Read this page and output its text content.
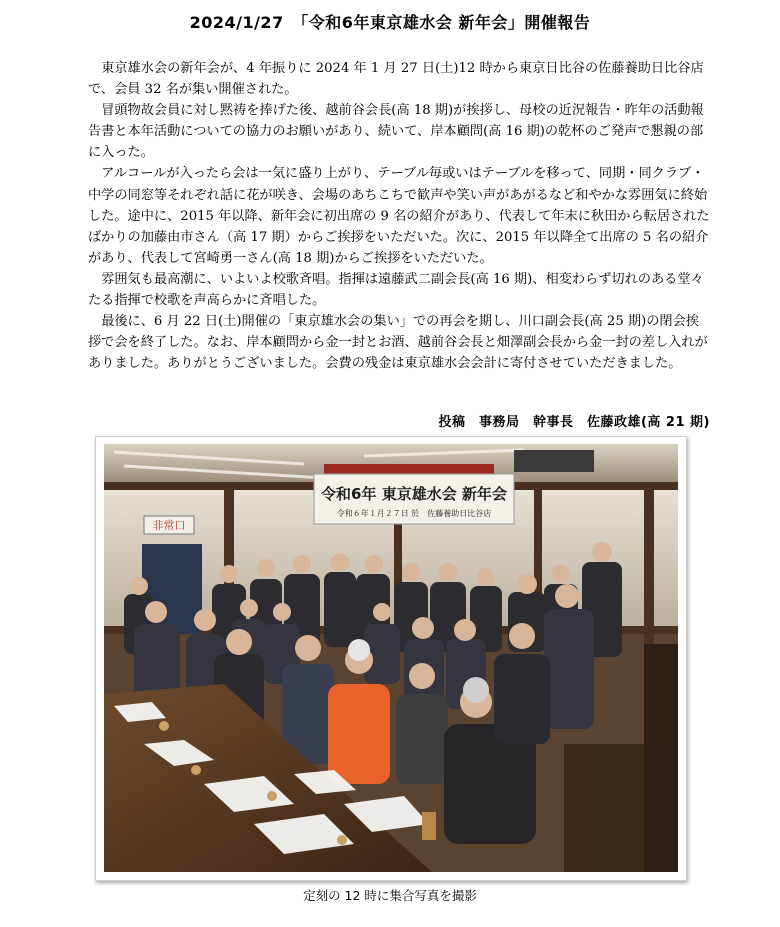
2024/1/27　「令和6年東京雄水会 新年会」開催報告

東京雄水会の新年会が、4 年振りに 2024 年 1 月 27 日(土)12 時から東京日比谷の佐藤養助日比谷店で、会員 32 名が集い開催された。

冒頭物故会員に対し黙祷を捧げた後、越前谷会長(高 18 期)が挨拶し、母校の近況報告・昨年の活動報告書と本年活動についての協力のお願いがあり、続いて、岸本顧問(高 16 期)の乾杯のご発声で懇親の部に入った。

アルコールが入ったら会は一気に盛り上がり、テーブル毎或いはテーブルを移って、同期・同クラブ・中学の同窓等それぞれ話に花が咲き、会場のあちこちで歓声や笑い声があがるなど和やかな雰囲気に終始した。途中に、2015 年以降、新年会に初出席の 9 名の紹介があり、代表して年末に秋田から転居されたばかりの加藤由市さん（高 17 期）からご挨拶をいただいた。次に、2015 年以降全て出席の 5 名の紹介があり、代表して宮崎勇一さん(高 18 期)からご挨拶をいただいた。

雰囲気も最高潮に、いよいよ校歌斉唱。指揮は遠藤武二副会長(高 16 期)、相変わらず切れのある堂々たる指揮で校歌を声高らかに斉唱した。

最後に、6 月 22 日(土)開催の「東京雄水会の集い」での再会を期し、川口副会長(高 25 期)の閉会挨拶で会を終了した。なお、岸本顧問から金一封とお酒、越前谷会長と畑澤副会長から金一封の差し入れがありました。ありがとうございました。会費の残金は東京雄水会会計に寄付させていただきました。

投稿　事務局　幹事長　佐藤政雄(高 21 期)
非常口
令和6年 東京雄水会 新年会
令和６年１月２７日 於　佐藤養助日比谷店
定刻の 12 時に集合写真を撮影
